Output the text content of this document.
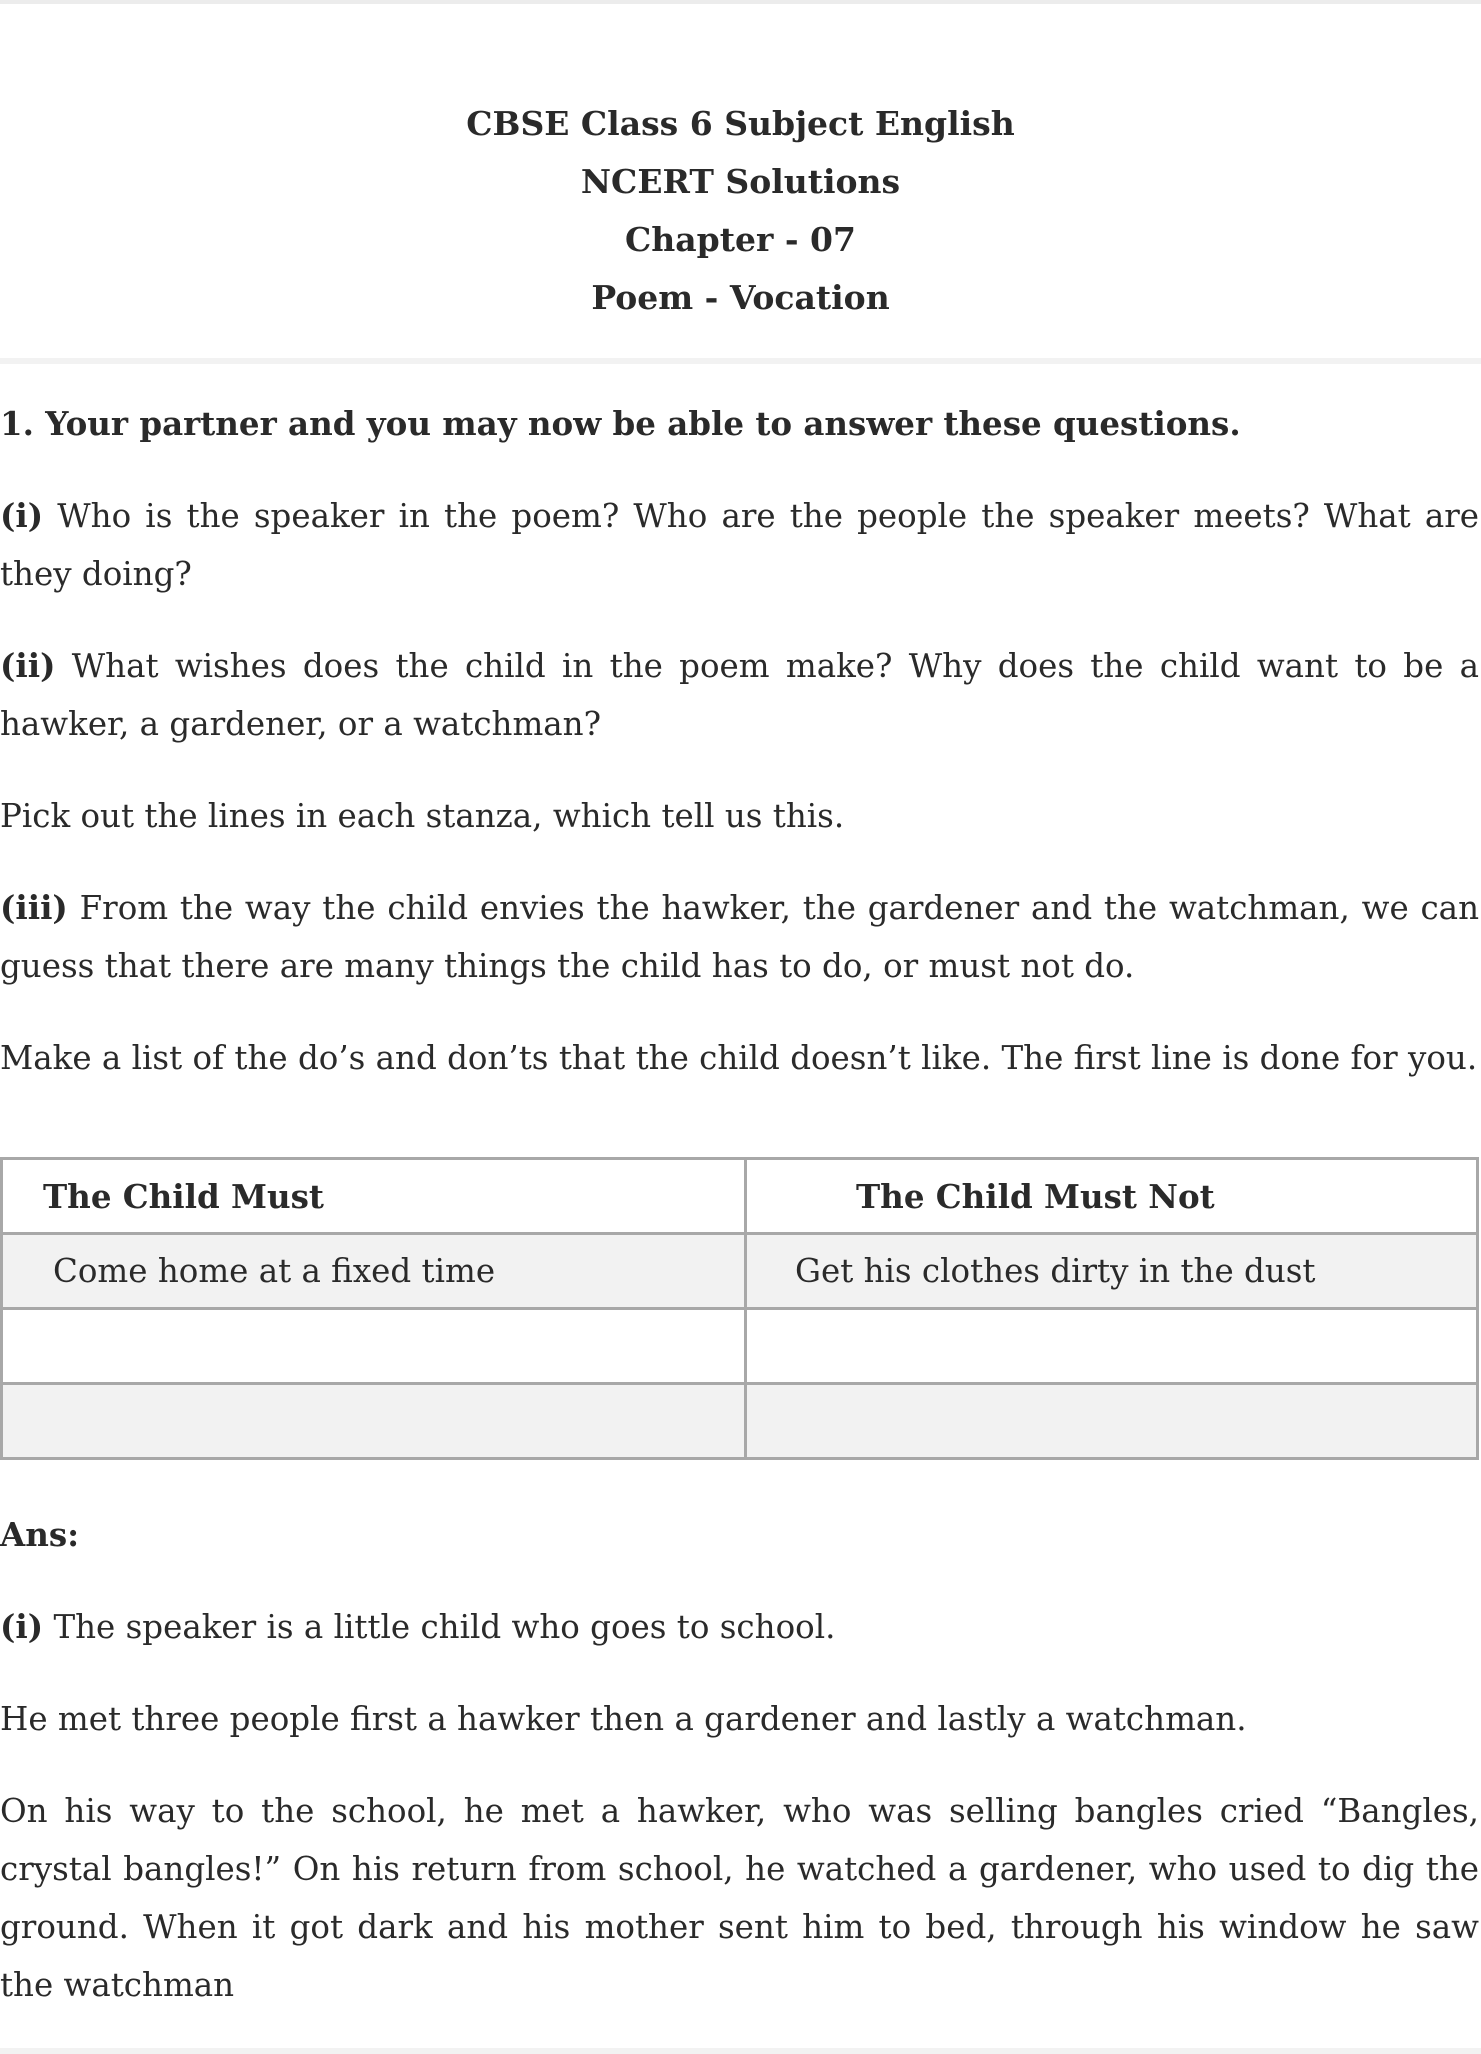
CBSE Class 6 Subject English
NCERT Solutions
Chapter - 07
Poem - Vocation

1. Your partner and you may now be able to answer these questions.

(i) Who is the speaker in the poem? Who are the people the speaker meets? What are they doing?

(ii) What wishes does the child in the poem make? Why does the child want to be a hawker, a gardener, or a watchman?

Pick out the lines in each stanza, which tell us this.

(iii) From the way the child envies the hawker, the gardener and the watchman, we can guess that there are many things the child has to do, or must not do.

Make a list of the do’s and don’ts that the child doesn’t like. The first line is done for you.

The Child Must	The Child Must Not
Come home at a fixed time	Get his clothes dirty in the dust

Ans:

(i) The speaker is a little child who goes to school.

He met three people first a hawker then a gardener and lastly a watchman.

On his way to the school, he met a hawker, who was selling bangles cried “Bangles, crystal bangles!” On his return from school, he watched a gardener, who used to dig the ground. When it got dark and his mother sent him to bed, through his window he saw the watchman
